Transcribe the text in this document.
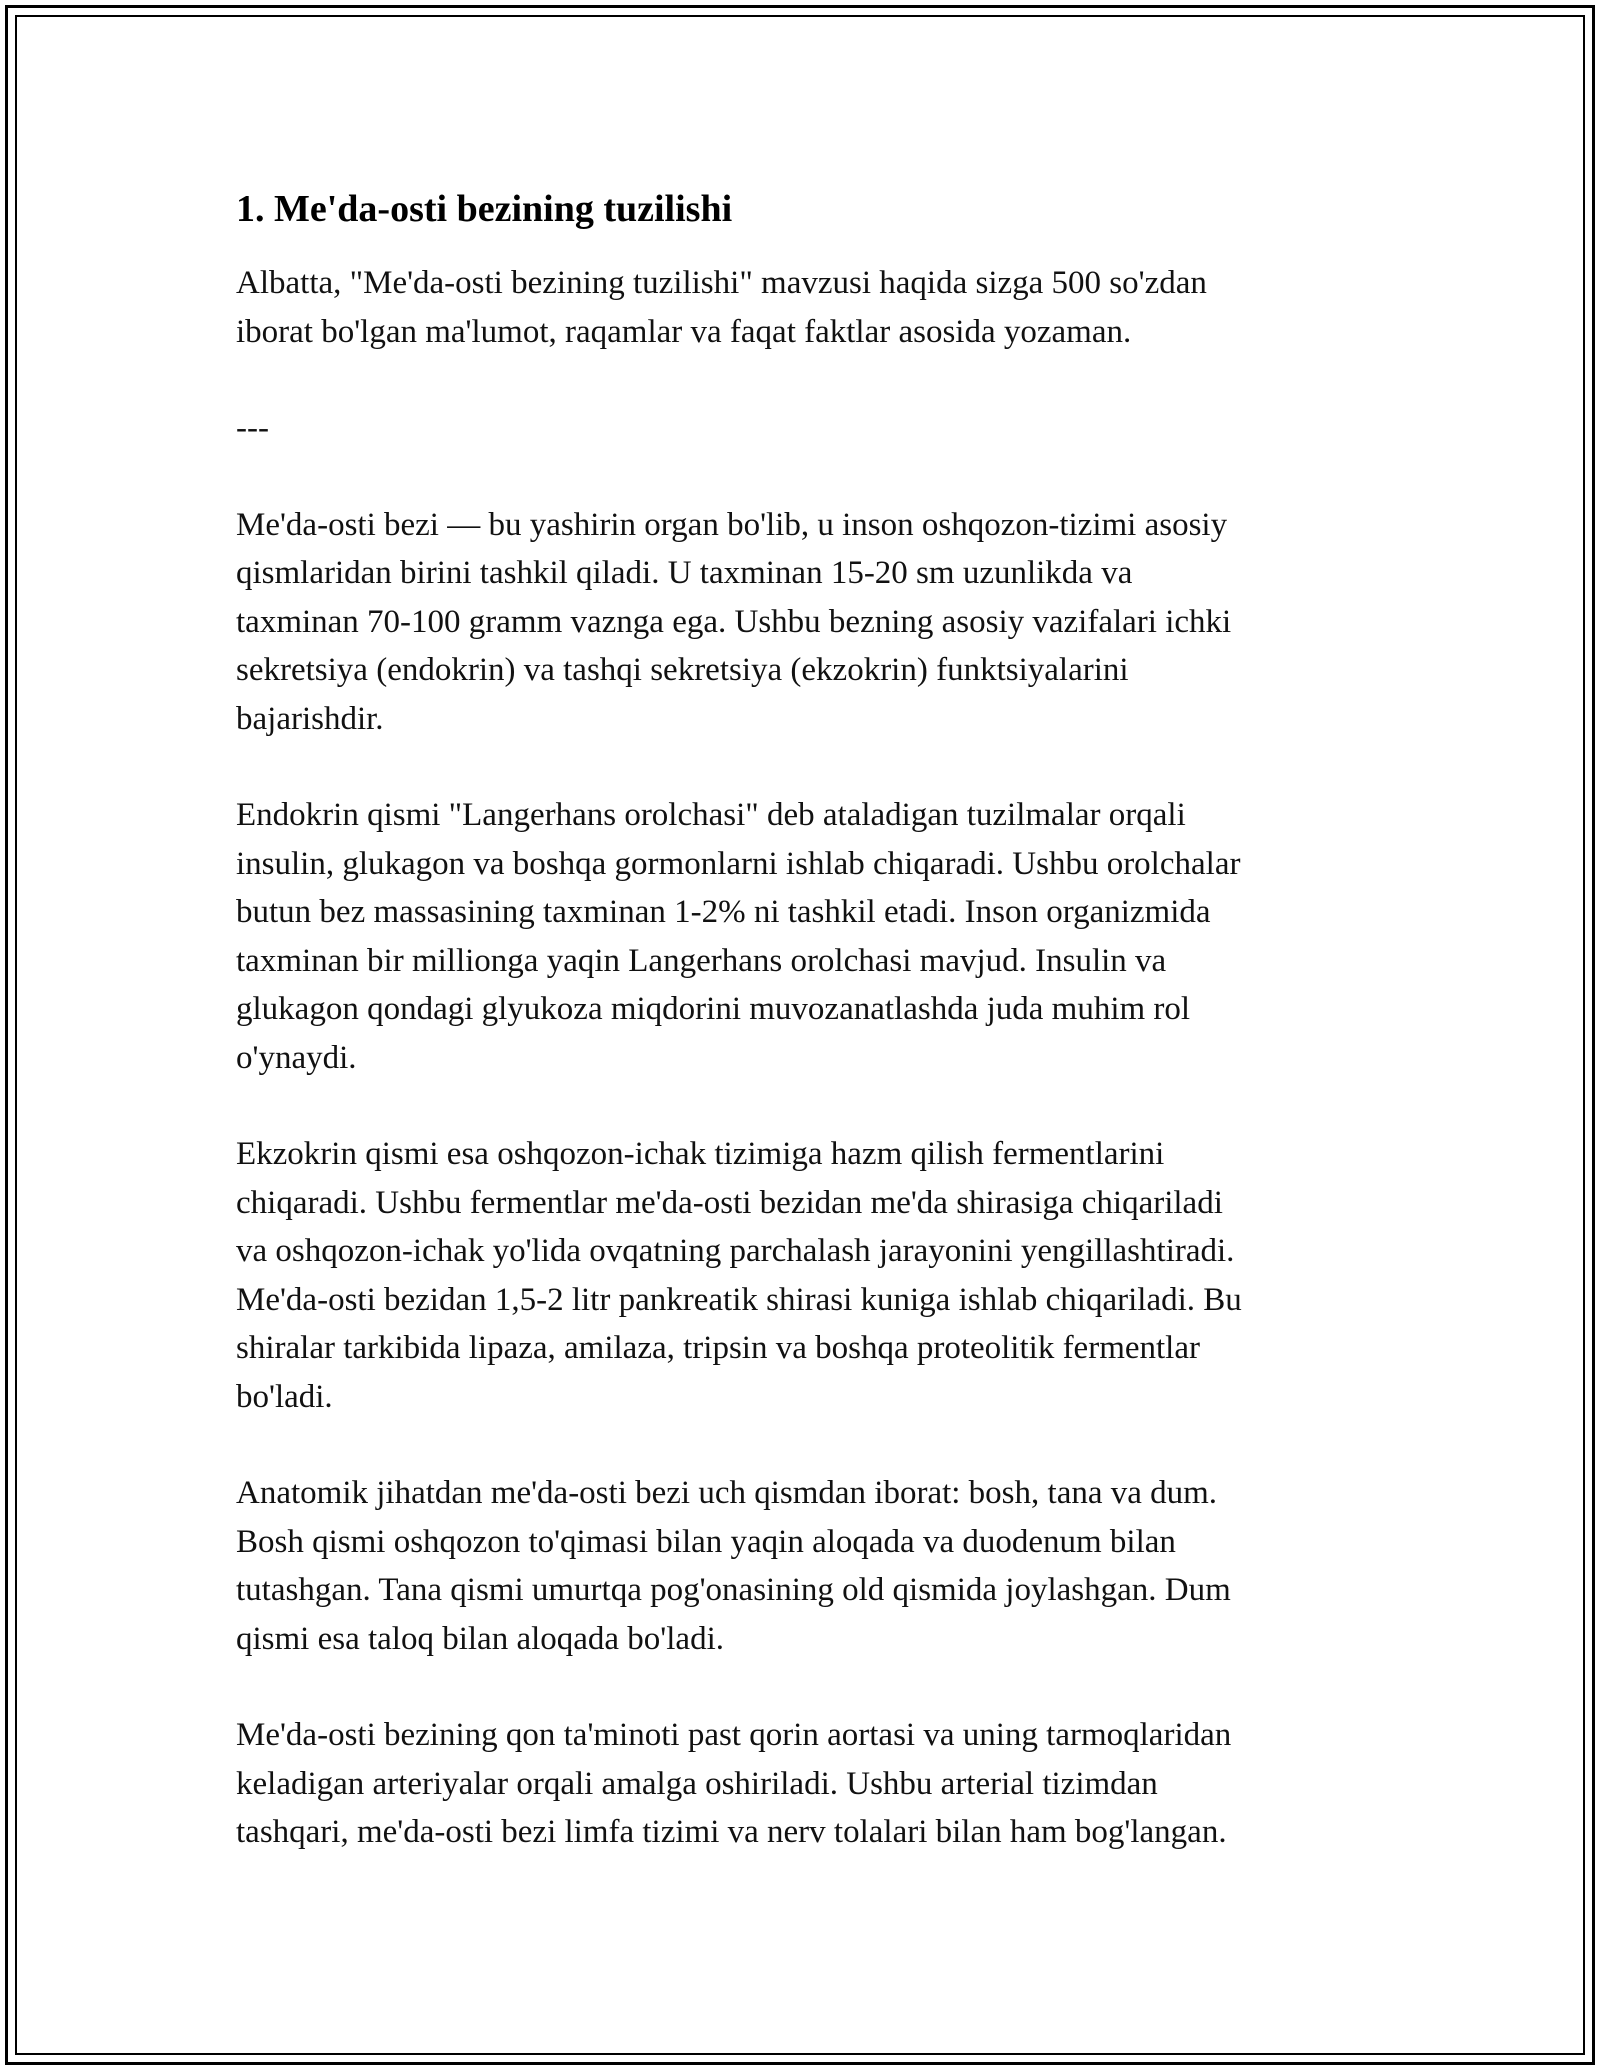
1. Me'da-osti bezining tuzilishi

Albatta, "Me'da-osti bezining tuzilishi" mavzusi haqida sizga 500 so'zdan
iborat bo'lgan ma'lumot, raqamlar va faqat faktlar asosida yozaman.

---

Me'da-osti bezi — bu yashirin organ bo'lib, u inson oshqozon-tizimi asosiy
qismlaridan birini tashkil qiladi. U taxminan 15-20 sm uzunlikda va
taxminan 70-100 gramm vaznga ega. Ushbu bezning asosiy vazifalari ichki
sekretsiya (endokrin) va tashqi sekretsiya (ekzokrin) funktsiyalarini
bajarishdir.

Endokrin qismi "Langerhans orolchasi" deb ataladigan tuzilmalar orqali
insulin, glukagon va boshqa gormonlarni ishlab chiqaradi. Ushbu orolchalar
butun bez massasining taxminan 1-2% ni tashkil etadi. Inson organizmida
taxminan bir millionga yaqin Langerhans orolchasi mavjud. Insulin va
glukagon qondagi glyukoza miqdorini muvozanatlashda juda muhim rol
o'ynaydi.

Ekzokrin qismi esa oshqozon-ichak tizimiga hazm qilish fermentlarini
chiqaradi. Ushbu fermentlar me'da-osti bezidan me'da shirasiga chiqariladi
va oshqozon-ichak yo'lida ovqatning parchalash jarayonini yengillashtiradi.
Me'da-osti bezidan 1,5-2 litr pankreatik shirasi kuniga ishlab chiqariladi. Bu
shiralar tarkibida lipaza, amilaza, tripsin va boshqa proteolitik fermentlar
bo'ladi.

Anatomik jihatdan me'da-osti bezi uch qismdan iborat: bosh, tana va dum.
Bosh qismi oshqozon to'qimasi bilan yaqin aloqada va duodenum bilan
tutashgan. Tana qismi umurtqa pog'onasining old qismida joylashgan. Dum
qismi esa taloq bilan aloqada bo'ladi.

Me'da-osti bezining qon ta'minoti past qorin aortasi va uning tarmoqlaridan
keladigan arteriyalar orqali amalga oshiriladi. Ushbu arterial tizimdan
tashqari, me'da-osti bezi limfa tizimi va nerv tolalari bilan ham bog'langan.
